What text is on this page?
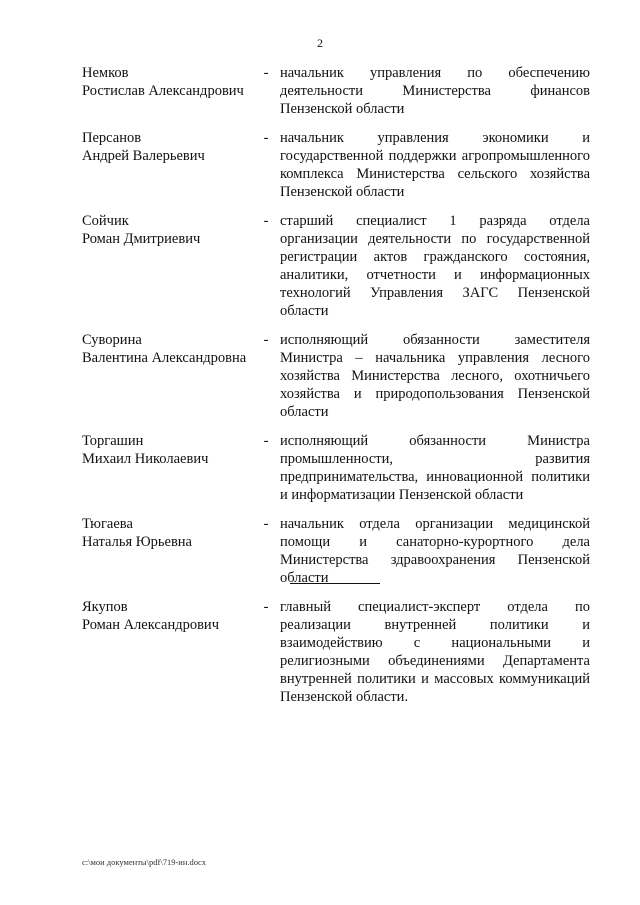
2
Немков
Ростислав Александрович
- начальник управления по обеспечению деятельности Министерства финансов Пензенской области
Персанов
Андрей Валерьевич
- начальник управления экономики и государственной поддержки агропромышленного комплекса Министерства сельского хозяйства Пензенской области
Сойчик
Роман Дмитриевич
- старший специалист 1 разряда отдела организации деятельности по государственной регистрации актов гражданского состояния, аналитики, отчетности и информационных технологий Управления ЗАГС Пензенской области
Суворина
Валентина Александровна
- исполняющий обязанности заместителя Министра – начальника управления лесного хозяйства Министерства лесного, охотничьего хозяйства и природопользования Пензенской области
Торгашин
Михаил Николаевич
- исполняющий обязанности Министра промышленности, развития предпринимательства, инновационной политики и информатизации Пензенской области
Тюгаева
Наталья Юрьевна
- начальник отдела организации медицинской помощи и санаторно-курортного дела Министерства здравоохранения Пензенской области
Якупов
Роман Александрович
- главный специалист-эксперт отдела по реализации внутренней политики и взаимодействию с национальными и религиозными объединениями Департамента внутренней политики и массовых коммуникаций Пензенской области.
c:\мои документы\pdf\719-ин.docx
